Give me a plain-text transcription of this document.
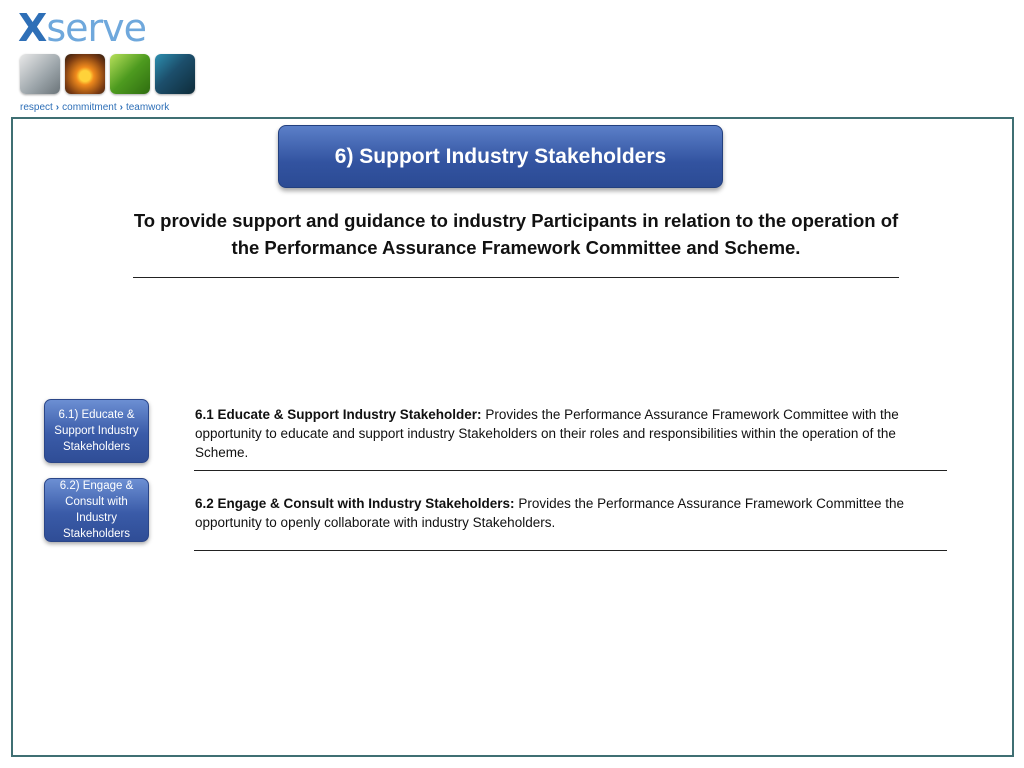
Xserve
respect › commitment › teamwork
6) Support Industry Stakeholders
To provide support and guidance to industry Participants in relation to the operation of the Performance Assurance Framework Committee and Scheme.
6.1) Educate & Support Industry Stakeholders
6.2) Engage & Consult with Industry Stakeholders
6.1 Educate & Support Industry Stakeholder: Provides the Performance Assurance Framework Committee with the opportunity to educate and support industry Stakeholders on their roles and responsibilities within the operation of the Scheme.
6.2 Engage & Consult with Industry Stakeholders: Provides the Performance Assurance Framework Committee the opportunity to openly collaborate with industry Stakeholders.
